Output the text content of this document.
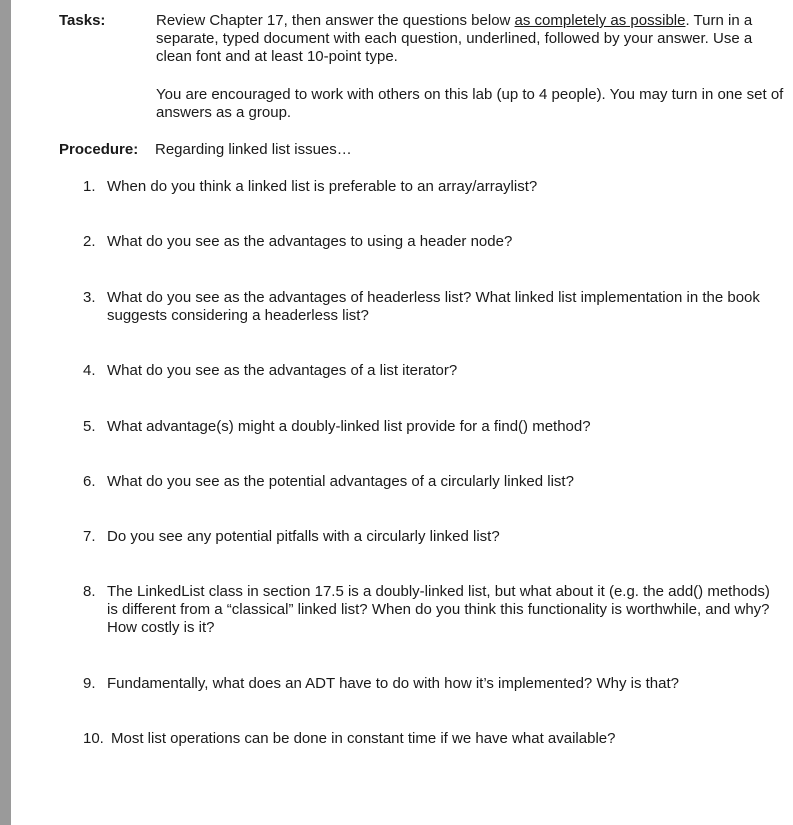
Tasks:	Review Chapter 17, then answer the questions below as completely as possible. Turn in a separate, typed document with each question, underlined, followed by your answer. Use a clean font and at least 10-point type.
You are encouraged to work with others on this lab (up to 4 people). You may turn in one set of answers as a group.
Procedure: Regarding linked list issues…
1. When do you think a linked list is preferable to an array/arraylist?
2. What do you see as the advantages to using a header node?
3. What do you see as the advantages of headerless list? What linked list implementation in the book suggests considering a headerless list?
4. What do you see as the advantages of a list iterator?
5. What advantage(s) might a doubly-linked list provide for a find() method?
6. What do you see as the potential advantages of a circularly linked list?
7. Do you see any potential pitfalls with a circularly linked list?
8. The LinkedList class in section 17.5 is a doubly-linked list, but what about it (e.g. the add() methods) is different from a “classical” linked list? When do you think this functionality is worthwhile, and why? How costly is it?
9. Fundamentally, what does an ADT have to do with how it’s implemented? Why is that?
10. Most list operations can be done in constant time if we have what available?
